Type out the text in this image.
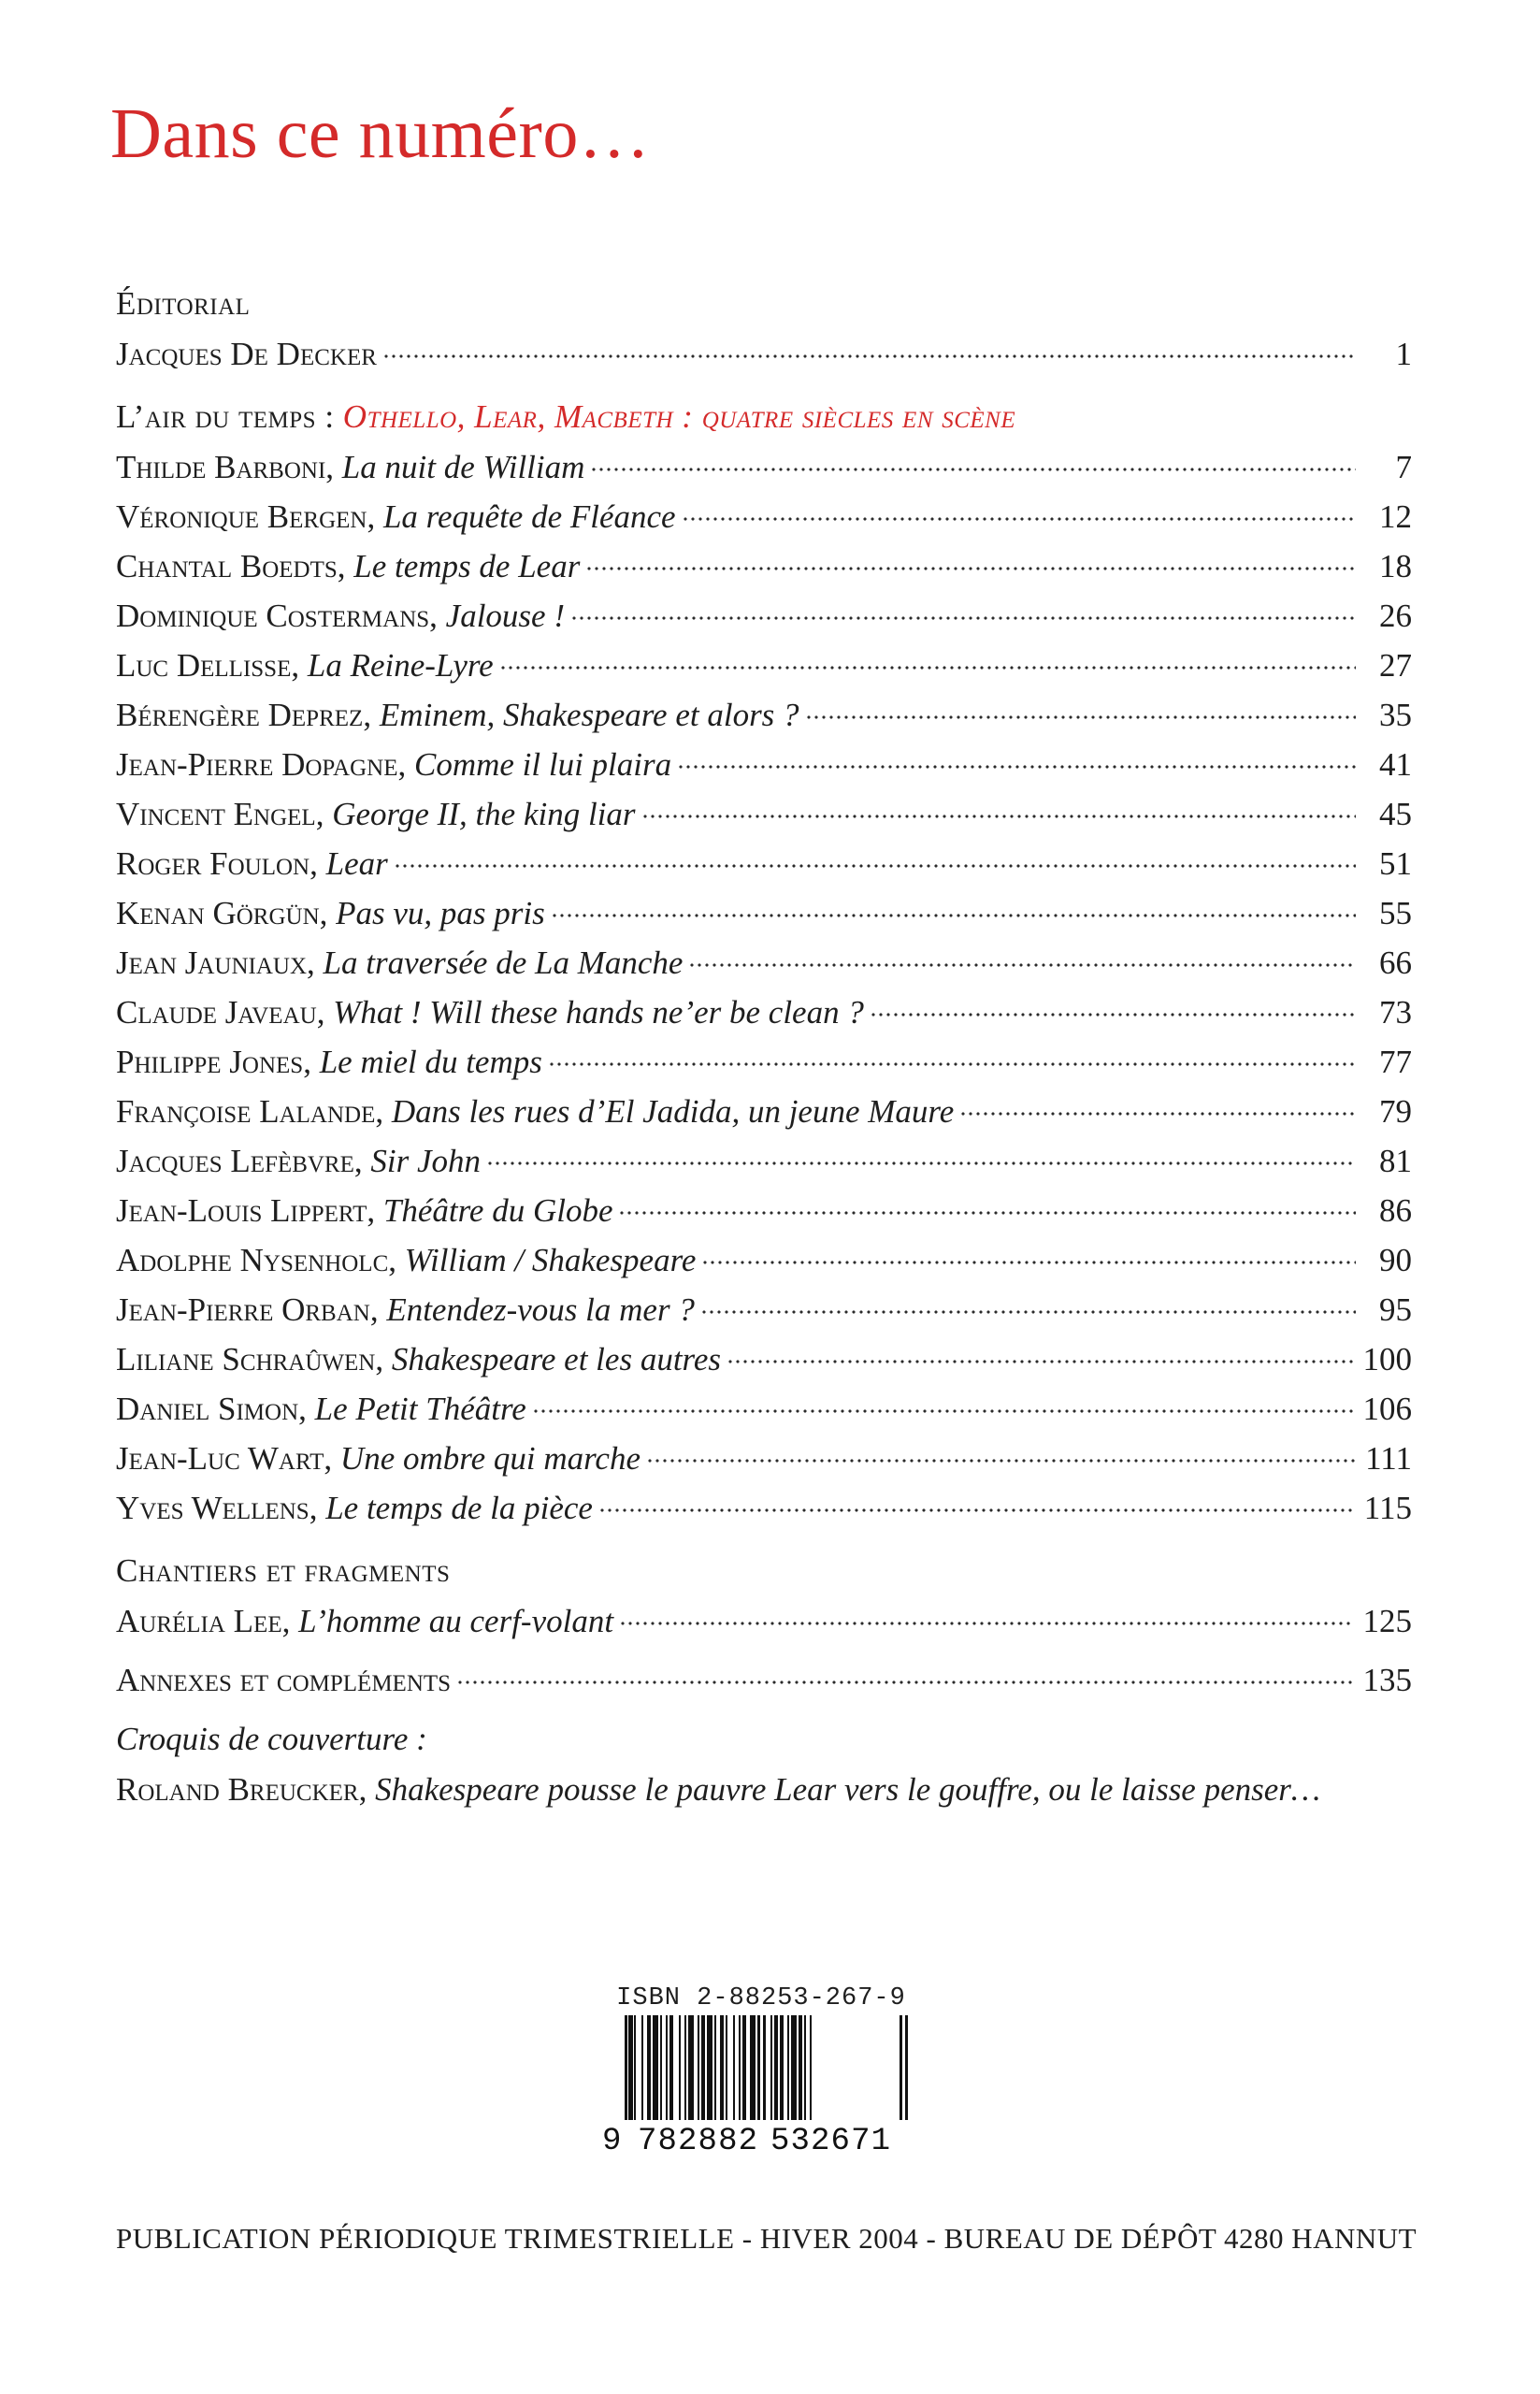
Dans ce numéro…
Éditorial
Jacques De Decker	1
L’air du temps : Othello, Lear, Macbeth : quatre siècles en scène
Thilde Barboni, La nuit de William	7
Véronique Bergen, La requête de Fléance	12
Chantal Boedts, Le temps de Lear	18
Dominique Costermans, Jalouse !	26
Luc Dellisse, La Reine-Lyre	27
Bérengère Deprez, Eminem, Shakespeare et alors ?	35
Jean-Pierre Dopagne, Comme il lui plaira	41
Vincent Engel, George II, the king liar	45
Roger Foulon, Lear	51
Kenan Görgün, Pas vu, pas pris	55
Jean Jauniaux, La traversée de La Manche	66
Claude Javeau, What ! Will these hands ne’er be clean ?	73
Philippe Jones, Le miel du temps	77
Françoise Lalande, Dans les rues d’El Jadida, un jeune Maure	79
Jacques Lefèbvre, Sir John	81
Jean-Louis Lippert, Théâtre du Globe	86
Adolphe Nysenholc, William / Shakespeare	90
Jean-Pierre Orban, Entendez-vous la mer ?	95
Liliane Schraûwen, Shakespeare et les autres	100
Daniel Simon, Le Petit Théâtre	106
Jean-Luc Wart, Une ombre qui marche	111
Yves Wellens, Le temps de la pièce	115
Chantiers et fragments
Aurélia Lee, L’homme au cerf-volant	125
Annexes et compléments	135
Croquis de couverture :
Roland Breucker, Shakespeare pousse le pauvre Lear vers le gouffre, ou le laisse penser…
ISBN 2-88253-267-9
9 782882 532671
PUBLICATION PÉRIODIQUE TRIMESTRIELLE - HIVER 2004 - BUREAU DE DÉPÔT 4280 HANNUT
